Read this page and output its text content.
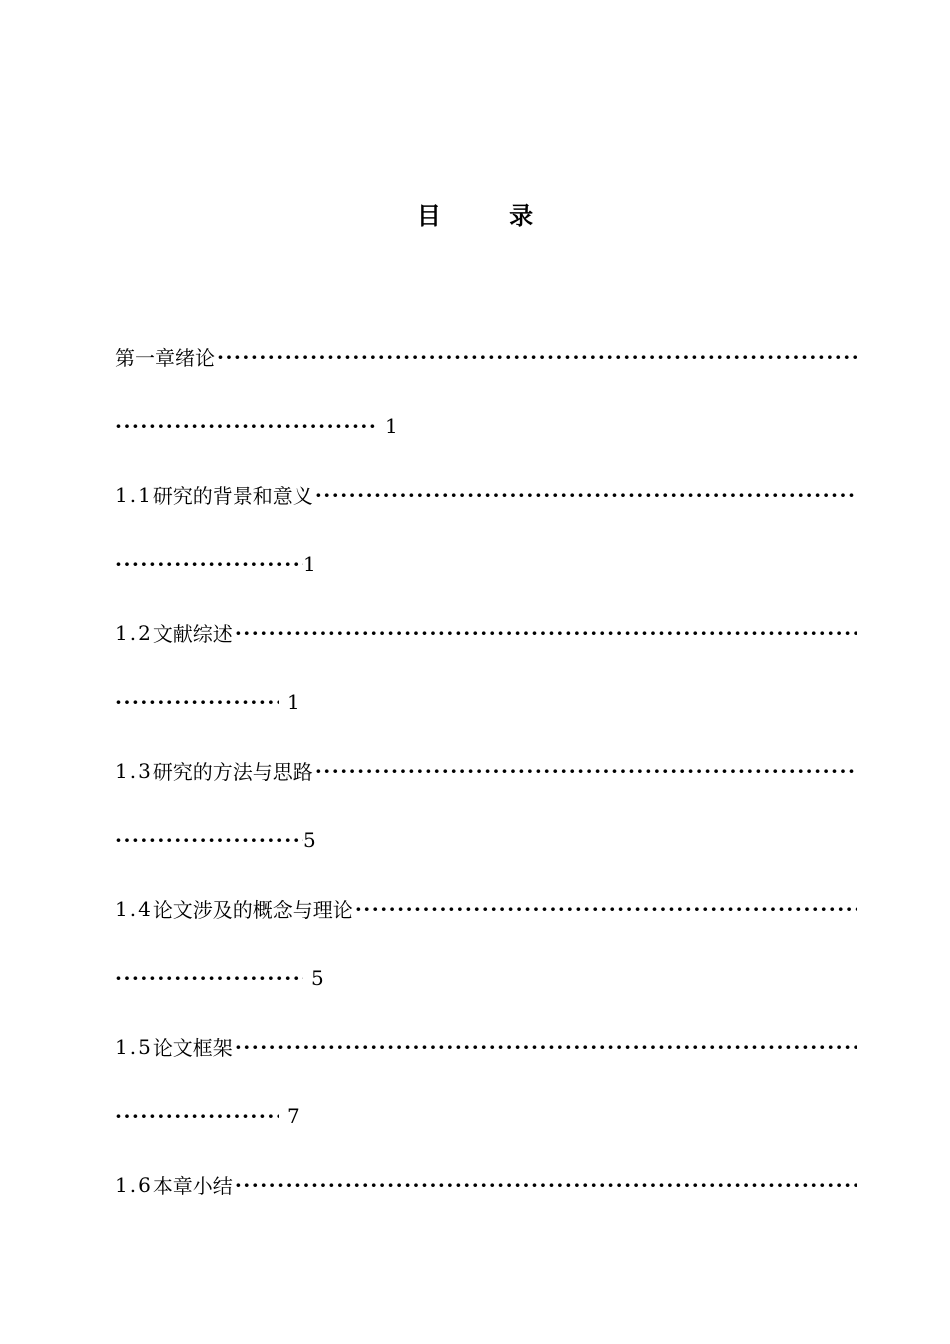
目 录
第一章 绪论
·····
·····
1
1.1 研究的背景和意义
·····
·····
1
1.2 文献综述
·····
·····
1
1.3 研究的方法与思路
·····
·····
5
1.4 论文涉及的概念与理论
·····
·····
5
1.5 论文框架
·····
·····
7
1.6 本章小结
·····
